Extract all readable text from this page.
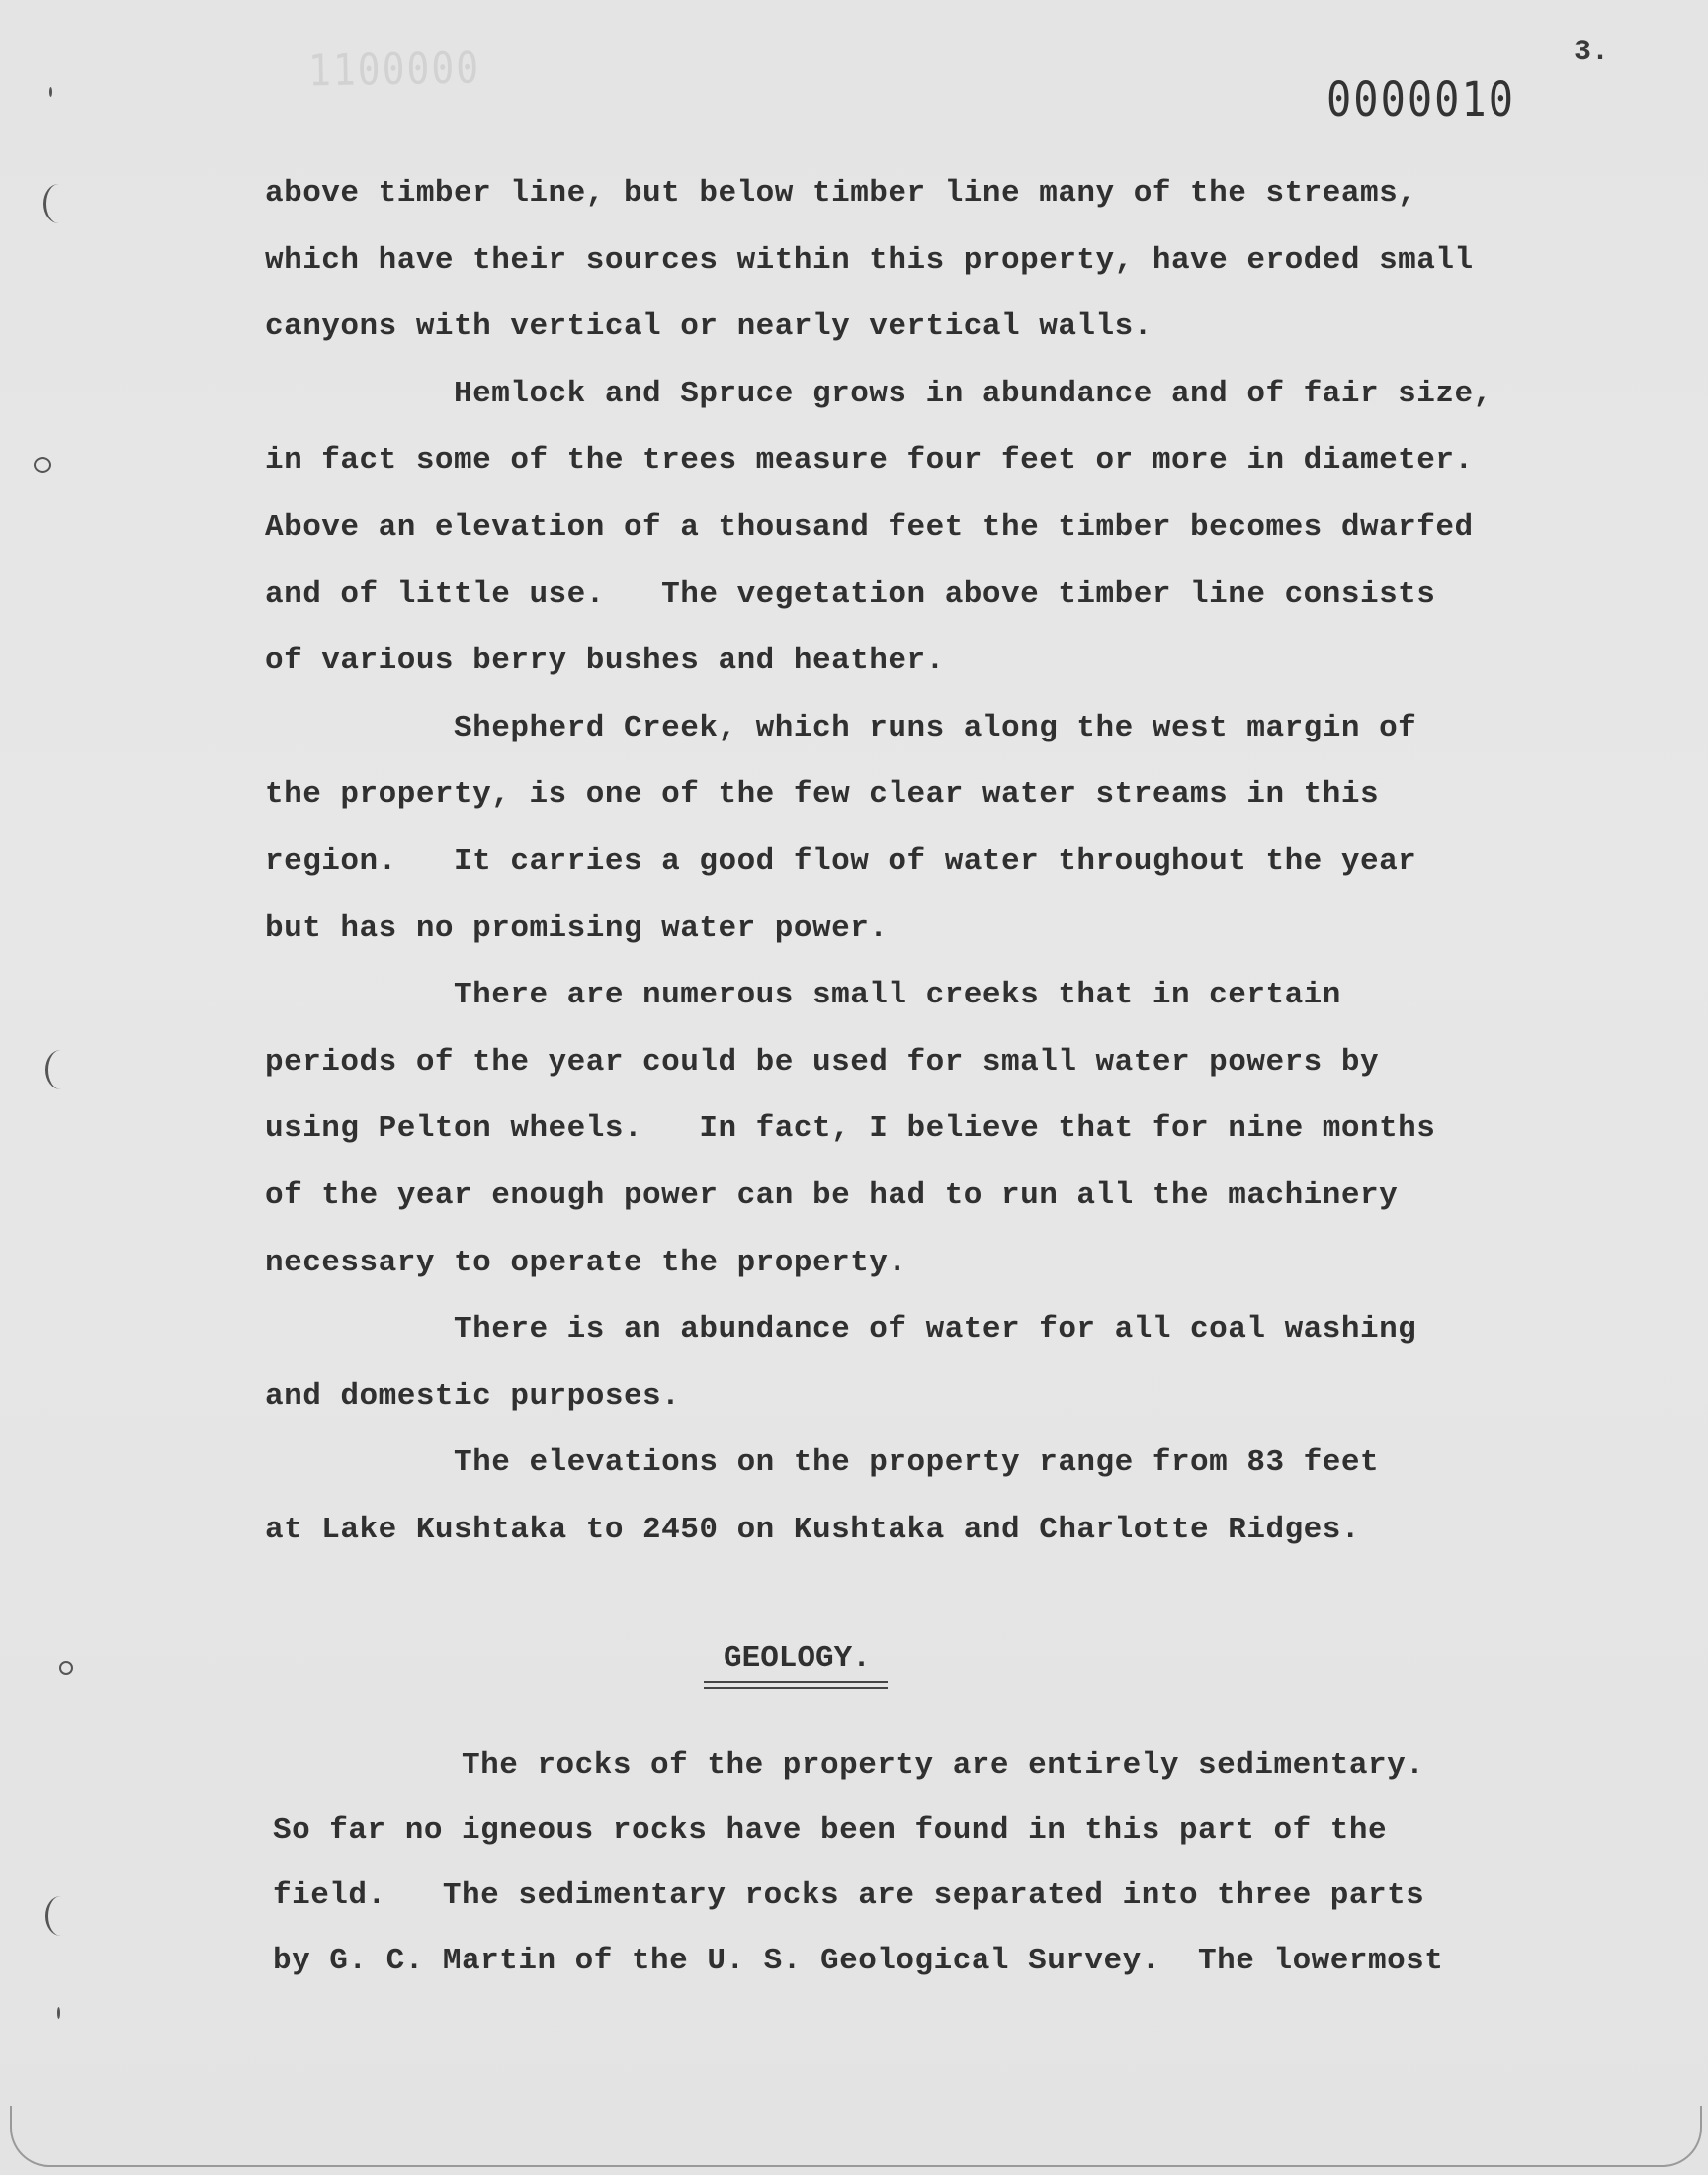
1100000	3.
0000010
above timber line, but below timber line many of the streams,
which have their sources within this property, have eroded small
canyons with vertical or nearly vertical walls.
Hemlock and Spruce grows in abundance and of fair size,
in fact some of the trees measure four feet or more in diameter.
Above an elevation of a thousand feet the timber becomes dwarfed
and of little use.   The vegetation above timber line consists
of various berry bushes and heather.
Shepherd Creek, which runs along the west margin of
the property, is one of the few clear water streams in this
region.   It carries a good flow of water throughout the year
but has no promising water power.
There are numerous small creeks that in certain
periods of the year could be used for small water powers by
using Pelton wheels.   In fact, I believe that for nine months
of the year enough power can be had to run all the machinery
necessary to operate the property.
There is an abundance of water for all coal washing
and domestic purposes.
The elevations on the property range from 83 feet
at Lake Kushtaka to 2450 on Kushtaka and Charlotte Ridges.
GEOLOGY.
The rocks of the property are entirely sedimentary.
So far no igneous rocks have been found in this part of the
field.   The sedimentary rocks are separated into three parts
by G. C. Martin of the U. S. Geological Survey.  The lowermost
